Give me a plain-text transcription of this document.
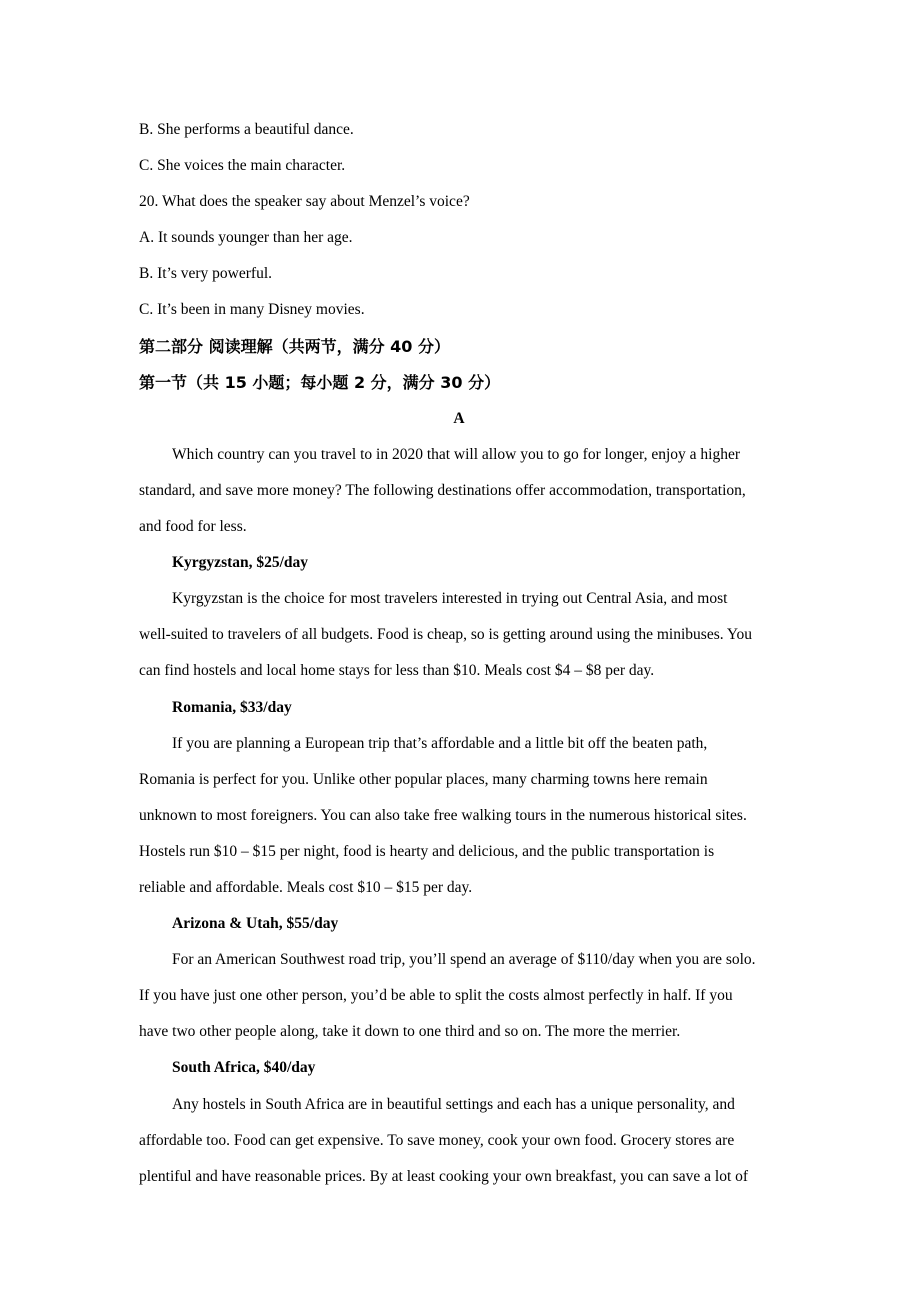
B. She performs a beautiful dance.

C. She voices the main character.

20. What does the speaker say about Menzel’s voice?

A. It sounds younger than her age.

B. It’s very powerful.

C. It’s been in many Disney movies.

第二部分 阅读理解（共两节，满分 40 分）

第一节（共 15 小题；每小题 2 分，满分 30 分）

A

Which country can you travel to in 2020 that will allow you to go for longer, enjoy a higher

standard, and save more money? The following destinations offer accommodation, transportation,

and food for less.

Kyrgyzstan, $25/day

Kyrgyzstan is the choice for most travelers interested in trying out Central Asia, and most

well-suited to travelers of all budgets. Food is cheap, so is getting around using the minibuses. You

can find hostels and local home stays for less than $10. Meals cost $4 – $8 per day.

Romania, $33/day

If you are planning a European trip that’s affordable and a little bit off the beaten path,

Romania is perfect for you. Unlike other popular places, many charming towns here remain

unknown to most foreigners. You can also take free walking tours in the numerous historical sites.

Hostels run $10 – $15 per night, food is hearty and delicious, and the public transportation is

reliable and affordable. Meals cost $10 – $15 per day.

Arizona & Utah, $55/day

For an American Southwest road trip, you’ll spend an average of $110/day when you are solo.

If you have just one other person, you’d be able to split the costs almost perfectly in half. If you

have two other people along, take it down to one third and so on. The more the merrier.

South Africa, $40/day

Any hostels in South Africa are in beautiful settings and each has a unique personality, and

affordable too. Food can get expensive. To save money, cook your own food. Grocery stores are

plentiful and have reasonable prices. By at least cooking your own breakfast, you can save a lot of
